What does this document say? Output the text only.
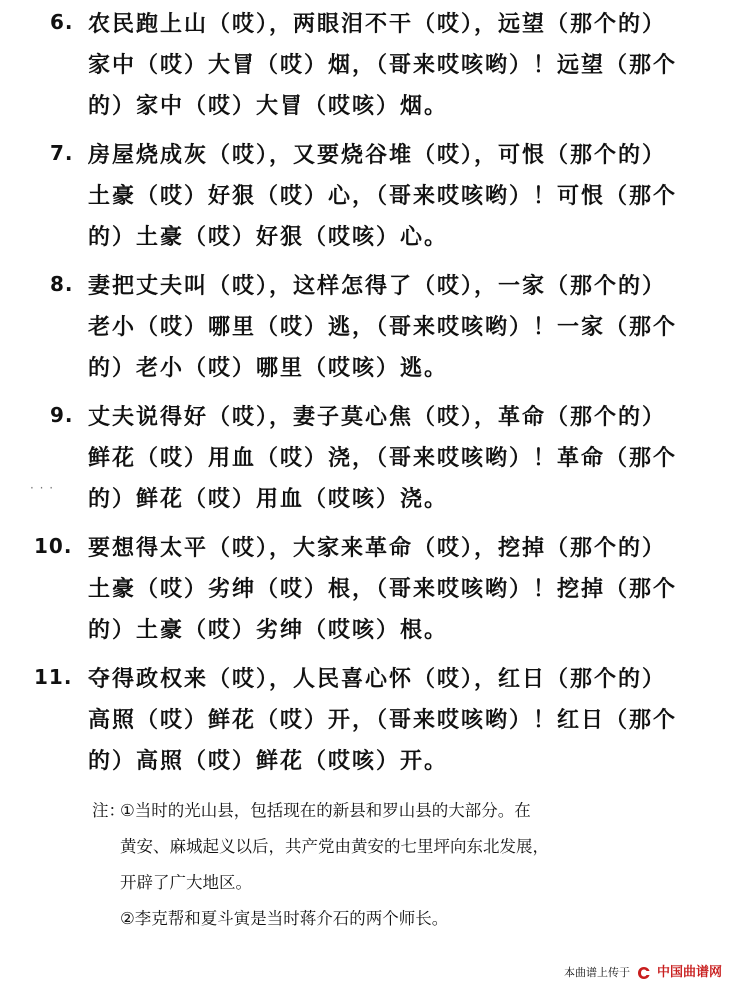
6. 农民跑上山（哎），两眼泪不干（哎），远望（那个的）
家中（哎）大冒（哎）烟，（哥来哎咳哟）！远望（那个
的）家中（哎）大冒（哎咳）烟。
7. 房屋烧成灰（哎），又要烧谷堆（哎），可恨（那个的）
土豪（哎）好狠（哎）心，（哥来哎咳哟）！可恨（那个
的）土豪（哎）好狠（哎咳）心。
8. 妻把丈夫叫（哎），这样怎得了（哎），一家（那个的）
老小（哎）哪里（哎）逃，（哥来哎咳哟）！一家（那个
的）老小（哎）哪里（哎咳）逃。
9.
· · ·
丈夫说得好（哎），妻子莫心焦（哎），革命（那个的）
鲜花（哎）用血（哎）浇，（哥来哎咳哟）！革命（那个
的）鲜花（哎）用血（哎咳）浇。
10. 要想得太平（哎），大家来革命（哎），挖掉（那个的）
土豪（哎）劣绅（哎）根，（哥来哎咳哟）！挖掉（那个
的）土豪（哎）劣绅（哎咳）根。
11. 夺得政权来（哎），人民喜心怀（哎），红日（那个的）
高照（哎）鲜花（哎）开，（哥来哎咳哟）！红日（那个
的）高照（哎）鲜花（哎咳）开。
注：①当时的光山县，包括现在的新县和罗山县的大部分。在
黄安、麻城起义以后，共产党由黄安的七里坪向东北发展，
开辟了广大地区。
②李克帮和夏斗寅是当时蒋介石的两个师长。
本曲谱上传于 中国曲谱网
